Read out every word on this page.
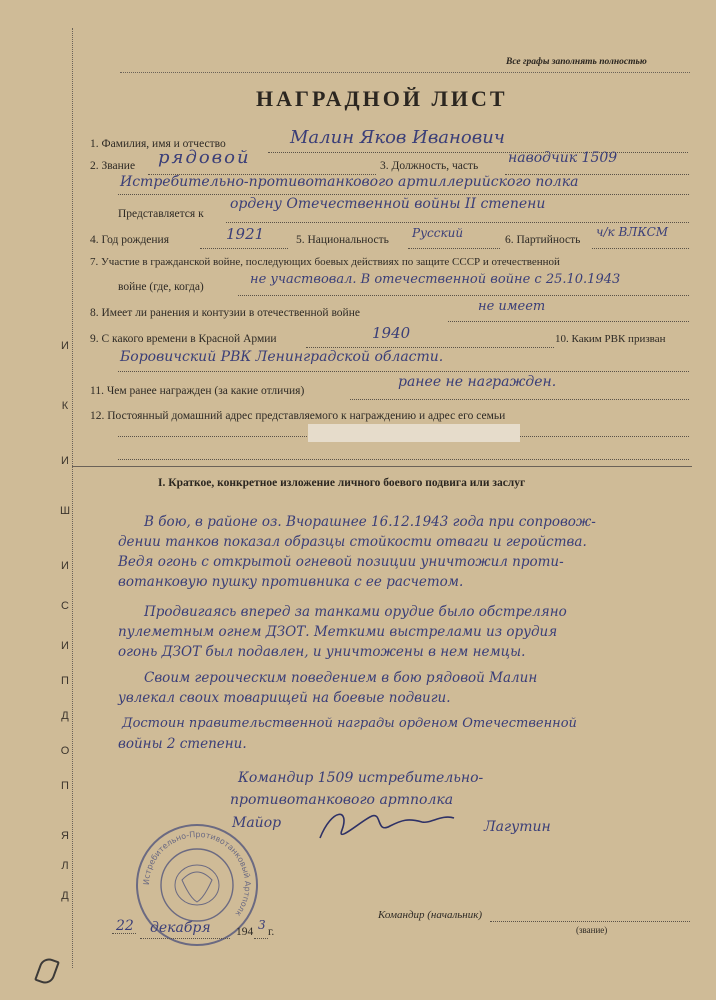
Д
Л
Я
П
О
Д
П
И
С
И
Ш
И
К
И
Все графы заполнять полностью
НАГРАДНОЙ ЛИСТ
1. Фамилия, имя и отчество	Малин Яков Иванович
2. Звание рядовой	3. Должность, часть наводчик 1509
Истребительно-противотанкового артиллерийского полка
Представляется к
ордену Отечественной войны II степени
4. Год рождения	1921	5. Национальность Русский	6. Партийность
ч/к ВЛКСМ
7. Участие в гражданской войне, последующих боевых действиях по защите СССР и отечественной
войне (где, когда)	не участвовал. В отечественной войне с 25.10.1943
8. Имеет ли ранения и контузии в отечественной войне	не имеет
9. С какого времени в Красной Армии	1940	10. Каким РВК призван
Боровичский РВК Ленинградской области.
11. Чем ранее награжден (за какие отличия)
ранее не награжден.
12. Постоянный домашний адрес представляемого к награждению и адрес его семьи
I. Краткое, конкретное изложение личного боевого подвига или заслуг
В бою, в районе оз. Вчорашнее 16.12.1943 года при сопровож-
дении танков показал образцы стойкости отваги и геройства.
Ведя огонь с открытой огневой позиции уничтожил проти-
вотанковую пушку противника с ее расчетом.
Продвигаясь вперед за танками орудие было обстреляно
пулеметным огнем ДЗОТ. Меткими выстрелами из орудия
огонь ДЗОТ был подавлен, и уничтожены в нем немцы.
Своим героическим поведением в бою рядовой Малин
увлекал своих товарищей на боевые подвиги.
Достоин правительственной награды орденом Отечественной
войны 2 степени.
Командир 1509 истребительно-
противотанкового артполка
Майор	Лагутин
Истребительно-Противотанковый Артполк	Командир (начальник)
(звание)
22 декабря 194 3 г.
